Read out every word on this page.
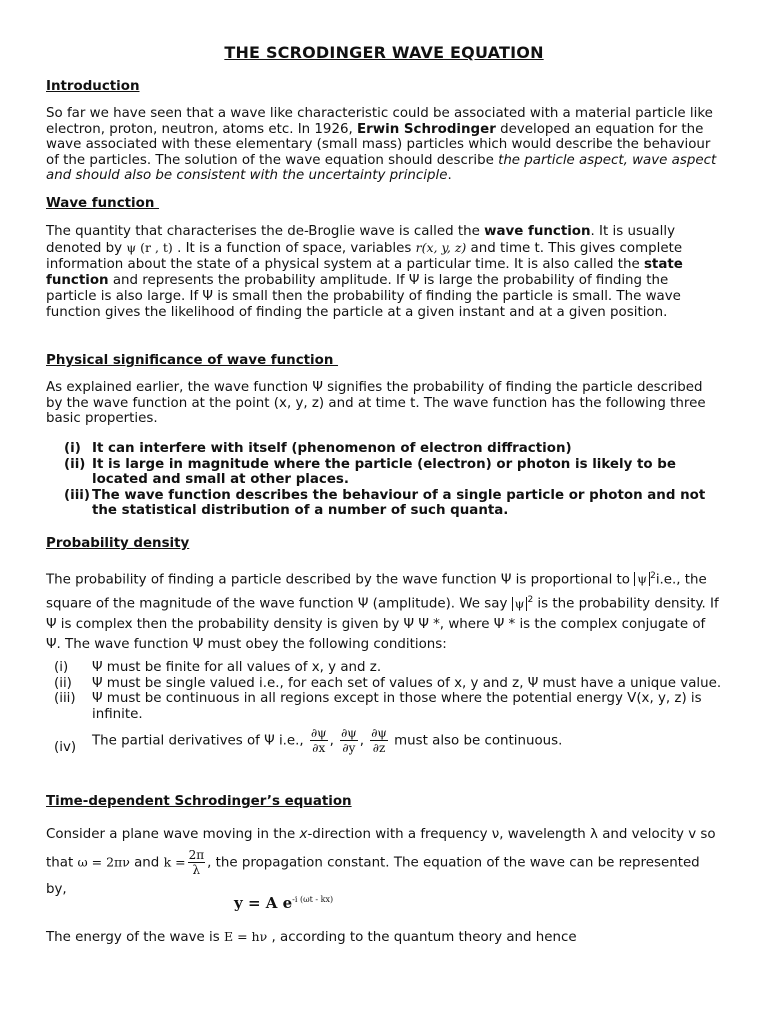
THE SCRODINGER WAVE EQUATION
Introduction
So far we have seen that a wave like characteristic could be associated with a material particle like electron, proton, neutron, atoms etc. In 1926, Erwin Schrodinger developed an equation for the wave associated with these elementary (small mass) particles which would describe the behaviour of the particles. The solution of the wave equation should describe the particle aspect, wave aspect and should also be consistent with the uncertainty principle.
Wave function
The quantity that characterises the de-Broglie wave is called the wave function. It is usually denoted by ψ (r , t) . It is a function of space, variables r(x, y, z) and time t. This gives complete information about the state of a physical system at a particular time. It is also called the state function and represents the probability amplitude. If Ψ is large the probability of finding the particle is also large. If Ψ is small then the probability of finding the particle is small. The wave function gives the likelihood of finding the particle at a given instant and at a given position.
Physical significance of wave function
As explained earlier, the wave function Ψ signifies the probability of finding the particle described by the wave function at the point (x, y, z) and at time t. The wave function has the following three basic properties.
(i) It can interfere with itself (phenomenon of electron diffraction)
(ii) It is large in magnitude where the particle (electron) or photon is likely to be located and small at other places.
(iii) The wave function describes the behaviour of a single particle or photon and not the statistical distribution of a number of such quanta.
Probability density
The probability of finding a particle described by the wave function Ψ is proportional to ψ $^2$i.e., the square of the magnitude of the wave function Ψ (amplitude). We say ψ $^2$ is the probability density. If Ψ is complex then the probability density is given by Ψ Ψ *, where Ψ * is the complex conjugate of Ψ. The wave function Ψ must obey the following conditions:
(i) Ψ must be finite for all values of x, y and z.
(ii) Ψ must be single valued i.e., for each set of values of x, y and z, Ψ must have a unique value.
(iii) Ψ must be continuous in all regions except in those where the potential energy V(x, y, z) is infinite.
(iv) The partial derivatives of Ψ i.e., $\frac{\partial\psi}{\partial x}$ , $\frac{\partial\psi}{\partial y}$ , $\frac{\partial\psi}{\partial z}$ must also be continuous.
Time-dependent Schrodinger’s equation
Consider a plane wave moving in the x-direction with a frequency ν, wavelength λ and velocity v so that ω = 2πν and $k = \frac{2\pi}{\lambda}$ , the propagation constant. The equation of the wave can be represented by,
y = A $e^{-i (\omega t - kx)}$
The energy of the wave is E = hν , according to the quantum theory and hence
